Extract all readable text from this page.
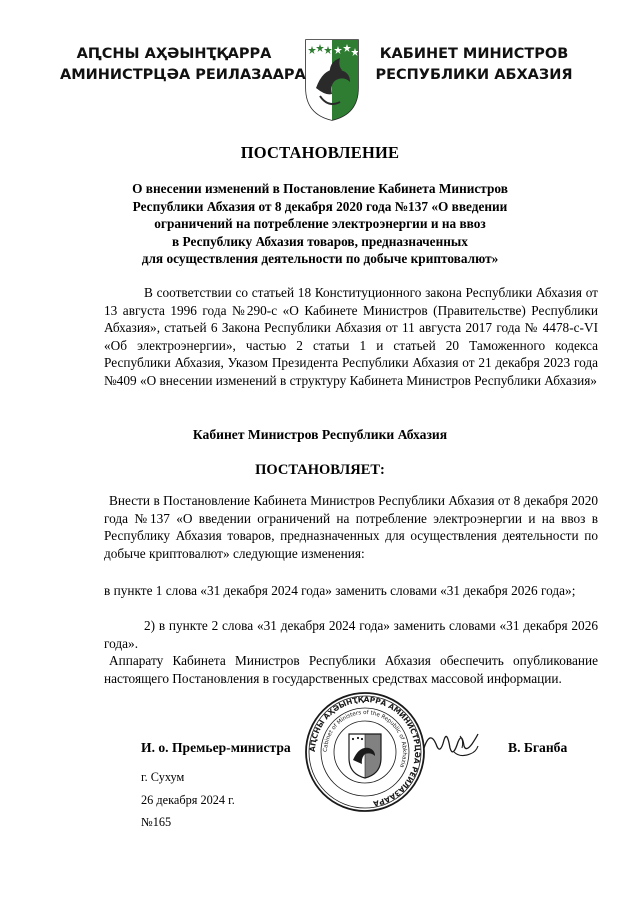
АԤСНЫ АҲӘЫНҬҚАРРА
АМИНИСТРЦӘА РЕИЛАЗААРА
КАБИНЕТ МИНИСТРОВ
РЕСПУБЛИКИ АБХАЗИЯ
ПОСТАНОВЛЕНИЕ
О внесении изменений в Постановление Кабинета Министров
Республики Абхазия от 8 декабря 2020 года №137 «О введении
ограничений на потребление электроэнергии и на ввоз
в Республику Абхазия товаров, предназначенных
для осуществления деятельности по добыче криптовалют»
В соответствии со статьей 18 Конституционного закона Республики Абхазия от 13 августа 1996 года №290-с «О Кабинете Министров (Правительстве) Республики Абхазия», статьей 6 Закона Республики Абхазия от 11 августа 2017 года № 4478-с-VI «Об электроэнергии», частью 2 статьи 1 и статьей 20 Таможенного кодекса Республики Абхазия, Указом Президента Республики Абхазия от 21 декабря 2023 года №409 «О внесении изменений в структуру Кабинета Министров Республики Абхазия»
Кабинет Министров Республики Абхазия
ПОСТАНОВЛЯЕТ:
Внести в Постановление Кабинета Министров Республики Абхазия от 8 декабря 2020 года №137 «О введении ограничений на потребление электроэнергии и на ввоз в Республику Абхазия товаров, предназначенных для осуществления деятельности по добыче криптовалют» следующие изменения:
в пункте 1 слова «31 декабря 2024 года» заменить словами «31 декабря 2026 года»;
2) в пункте 2 слова «31 декабря 2024 года» заменить словами «31 декабря 2026 года».
Аппарату Кабинета Министров Республики Абхазия обеспечить опубликование настоящего Постановления в государственных средствах массовой информации.
И. о. Премьер-министра	В. Бганба
АԤСНЫ АҲӘЫНҬҚАРРА АМИНИСТРЦӘА РЕИЛАЗААРА
Cabinet of Ministers of the Republic of Abkhazia
г. Сухум
26 декабря 2024 г.
№165
